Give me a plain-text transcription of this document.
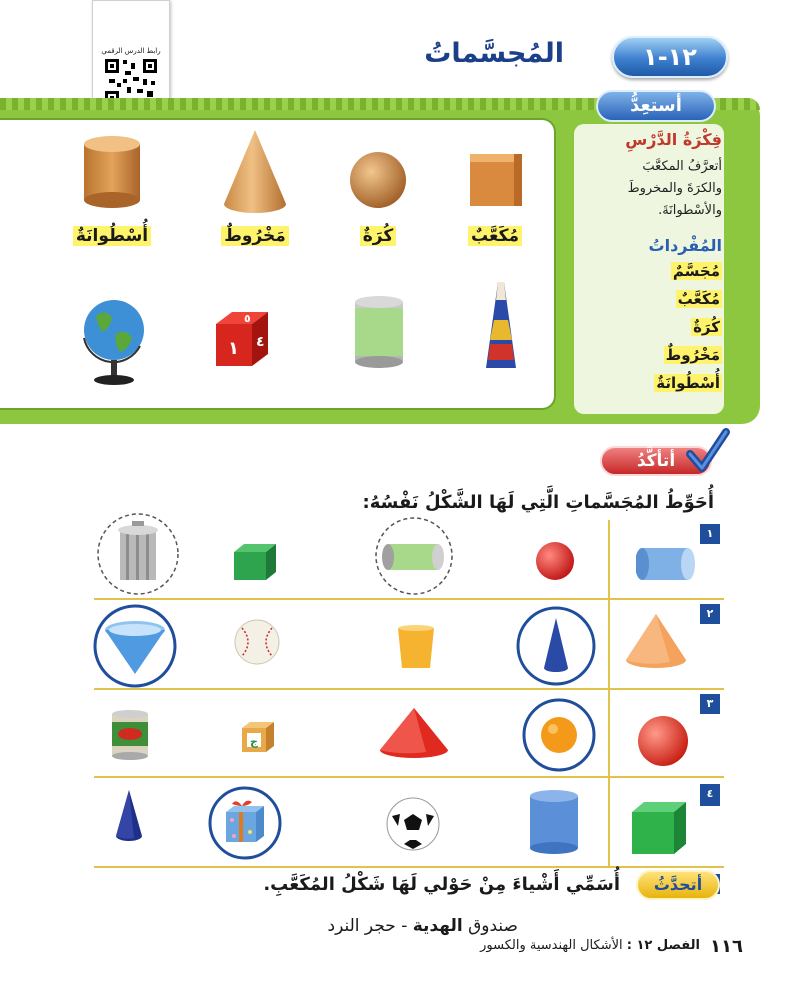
رابط الدرس الرقمي	المُجسَّماتُ	١٢-١
أستعِدُّ
فِكْرَةُ الدَّرْسِ
أتعرَّفُ المكعَّبَ
والكرَةَ والمخروطَ
والأسْطوانَةَ.
المُفْرداتُ
مُجَسَّمٌ
مُكَعَّبٌ
كُرَةٌ
مَخْرُوطٌ
أُسْطُوانَةٌ
أُسْطُوانَةٌ	مَخْرُوطٌ	كُرَةٌ	مُكَعَّبٌ
١ ٤
٥
أتأكَّدُ
أُحَوِّطُ المُجَسَّماتِ الَّتِي لَهَا الشَّكْلُ نَفْسُهُ:
١
٢
٣
٤
ج
أتحدَّثُ
أُسَمِّي أَشْياءَ مِنْ حَوْلي لَهَا شَكْلُ المُكَعَّبِ.
صندوق الهدية - حجر النرد
١١٦
الفصل ١٢ : الأشكال الهندسية والكسور
